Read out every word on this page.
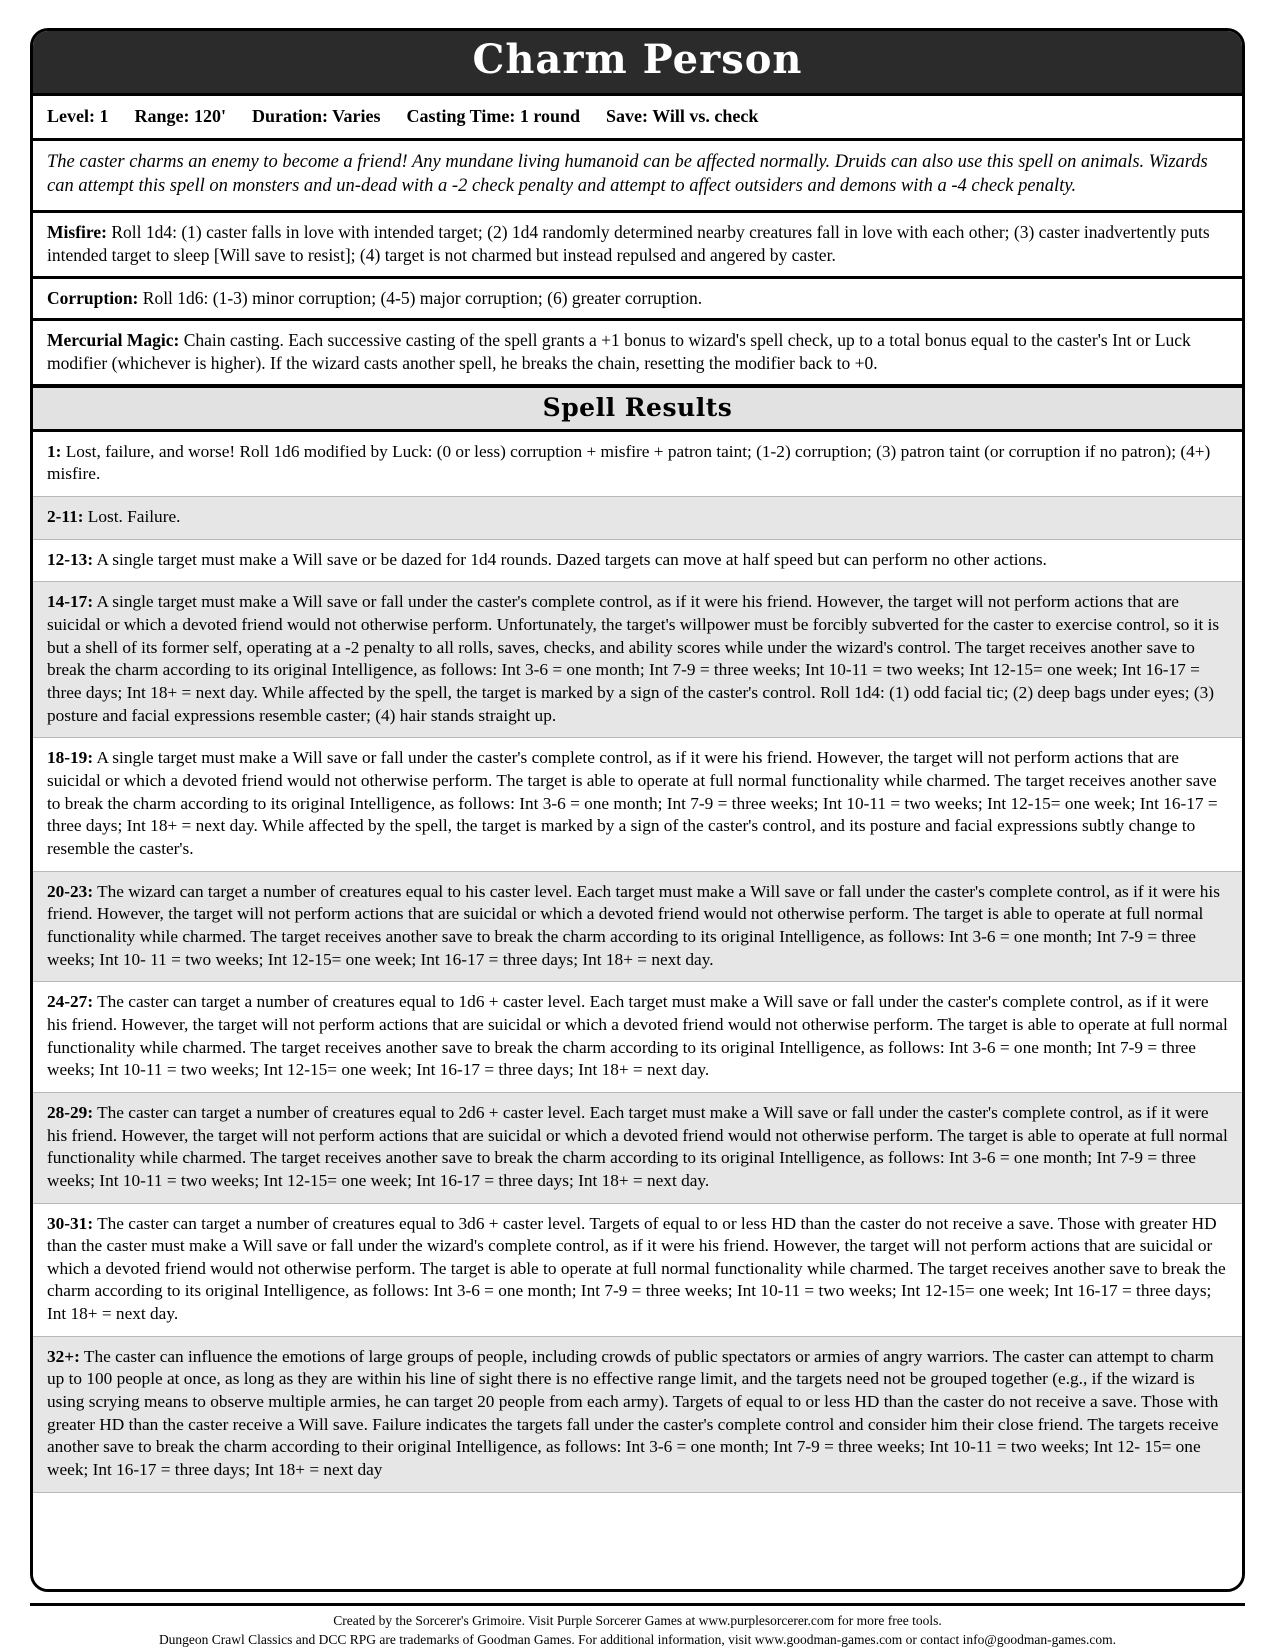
Charm Person
Level: 1 Range: 120' Duration: Varies Casting Time: 1 round Save: Will vs. check
The caster charms an enemy to become a friend! Any mundane living humanoid can be affected normally. Druids can also use this spell on animals. Wizards can attempt this spell on monsters and un-dead with a -2 check penalty and attempt to affect outsiders and demons with a -4 check penalty.
Misfire: Roll 1d4: (1) caster falls in love with intended target; (2) 1d4 randomly determined nearby creatures fall in love with each other; (3) caster inadvertently puts intended target to sleep [Will save to resist]; (4) target is not charmed but instead repulsed and angered by caster.
Corruption: Roll 1d6: (1-3) minor corruption; (4-5) major corruption; (6) greater corruption.
Mercurial Magic: Chain casting. Each successive casting of the spell grants a +1 bonus to wizard's spell check, up to a total bonus equal to the caster's Int or Luck modifier (whichever is higher). If the wizard casts another spell, he breaks the chain, resetting the modifier back to +0.
Spell Results
1: Lost, failure, and worse! Roll 1d6 modified by Luck: (0 or less) corruption + misfire + patron taint; (1-2) corruption; (3) patron taint (or corruption if no patron); (4+) misfire.
2-11: Lost. Failure.
12-13: A single target must make a Will save or be dazed for 1d4 rounds. Dazed targets can move at half speed but can perform no other actions.
14-17: A single target must make a Will save or fall under the caster's complete control, as if it were his friend. However, the target will not perform actions that are suicidal or which a devoted friend would not otherwise perform. Unfortunately, the target's willpower must be forcibly subverted for the caster to exercise control, so it is but a shell of its former self, operating at a -2 penalty to all rolls, saves, checks, and ability scores while under the wizard's control. The target receives another save to break the charm according to its original Intelligence, as follows: Int 3-6 = one month; Int 7-9 = three weeks; Int 10-11 = two weeks; Int 12-15= one week; Int 16-17 = three days; Int 18+ = next day. While affected by the spell, the target is marked by a sign of the caster's control. Roll 1d4: (1) odd facial tic; (2) deep bags under eyes; (3) posture and facial expressions resemble caster; (4) hair stands straight up.
18-19: A single target must make a Will save or fall under the caster's complete control, as if it were his friend. However, the target will not perform actions that are suicidal or which a devoted friend would not otherwise perform. The target is able to operate at full normal functionality while charmed. The target receives another save to break the charm according to its original Intelligence, as follows: Int 3-6 = one month; Int 7-9 = three weeks; Int 10-11 = two weeks; Int 12-15= one week; Int 16-17 = three days; Int 18+ = next day. While affected by the spell, the target is marked by a sign of the caster's control, and its posture and facial expressions subtly change to resemble the caster's.
20-23: The wizard can target a number of creatures equal to his caster level. Each target must make a Will save or fall under the caster's complete control, as if it were his friend. However, the target will not perform actions that are suicidal or which a devoted friend would not otherwise perform. The target is able to operate at full normal functionality while charmed. The target receives another save to break the charm according to its original Intelligence, as follows: Int 3-6 = one month; Int 7-9 = three weeks; Int 10- 11 = two weeks; Int 12-15= one week; Int 16-17 = three days; Int 18+ = next day.
24-27: The caster can target a number of creatures equal to 1d6 + caster level. Each target must make a Will save or fall under the caster's complete control, as if it were his friend. However, the target will not perform actions that are suicidal or which a devoted friend would not otherwise perform. The target is able to operate at full normal functionality while charmed. The target receives another save to break the charm according to its original Intelligence, as follows: Int 3-6 = one month; Int 7-9 = three weeks; Int 10-11 = two weeks; Int 12-15= one week; Int 16-17 = three days; Int 18+ = next day.
28-29: The caster can target a number of creatures equal to 2d6 + caster level. Each target must make a Will save or fall under the caster's complete control, as if it were his friend. However, the target will not perform actions that are suicidal or which a devoted friend would not otherwise perform. The target is able to operate at full normal functionality while charmed. The target receives another save to break the charm according to its original Intelligence, as follows: Int 3-6 = one month; Int 7-9 = three weeks; Int 10-11 = two weeks; Int 12-15= one week; Int 16-17 = three days; Int 18+ = next day.
30-31: The caster can target a number of creatures equal to 3d6 + caster level. Targets of equal to or less HD than the caster do not receive a save. Those with greater HD than the caster must make a Will save or fall under the wizard's complete control, as if it were his friend. However, the target will not perform actions that are suicidal or which a devoted friend would not otherwise perform. The target is able to operate at full normal functionality while charmed. The target receives another save to break the charm according to its original Intelligence, as follows: Int 3-6 = one month; Int 7-9 = three weeks; Int 10-11 = two weeks; Int 12-15= one week; Int 16-17 = three days; Int 18+ = next day.
32+: The caster can influence the emotions of large groups of people, including crowds of public spectators or armies of angry warriors. The caster can attempt to charm up to 100 people at once, as long as they are within his line of sight there is no effective range limit, and the targets need not be grouped together (e.g., if the wizard is using scrying means to observe multiple armies, he can target 20 people from each army). Targets of equal to or less HD than the caster do not receive a save. Those with greater HD than the caster receive a Will save. Failure indicates the targets fall under the caster's complete control and consider him their close friend. The targets receive another save to break the charm according to their original Intelligence, as follows: Int 3-6 = one month; Int 7-9 = three weeks; Int 10-11 = two weeks; Int 12- 15= one week; Int 16-17 = three days; Int 18+ = next day
Created by the Sorcerer's Grimoire. Visit Purple Sorcerer Games at www.purplesorcerer.com for more free tools.
Dungeon Crawl Classics and DCC RPG are trademarks of Goodman Games. For additional information, visit www.goodman-games.com or contact info@goodman-games.com.
